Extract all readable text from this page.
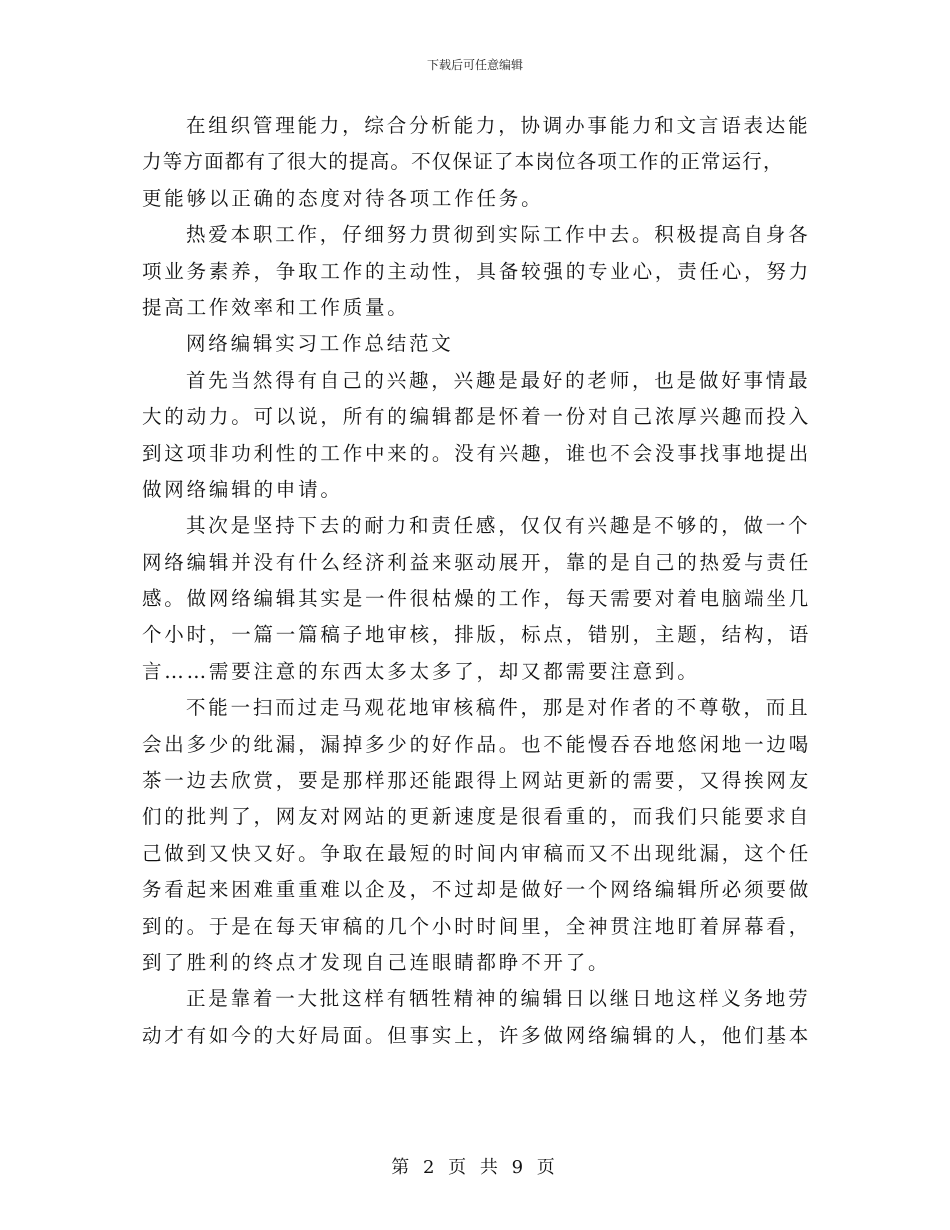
下载后可任意编辑
在组织管理能力，综合分析能力，协调办事能力和文言语表达能
力等方面都有了很大的提高。不仅保证了本岗位各项工作的正常运行，
更能够以正确的态度对待各项工作任务。
热爱本职工作，仔细努力贯彻到实际工作中去。积极提高自身各
项业务素养，争取工作的主动性，具备较强的专业心，责任心，努力
提高工作效率和工作质量。
网络编辑实习工作总结范文
首先当然得有自己的兴趣，兴趣是最好的老师，也是做好事情最
大的动力。可以说，所有的编辑都是怀着一份对自己浓厚兴趣而投入
到这项非功利性的工作中来的。没有兴趣，谁也不会没事找事地提出
做网络编辑的申请。
其次是坚持下去的耐力和责任感，仅仅有兴趣是不够的，做一个
网络编辑并没有什么经济利益来驱动展开，靠的是自己的热爱与责任
感。做网络编辑其实是一件很枯燥的工作，每天需要对着电脑端坐几
个小时，一篇一篇稿子地审核，排版，标点，错别，主题，结构，语
言……需要注意的东西太多太多了，却又都需要注意到。
不能一扫而过走马观花地审核稿件，那是对作者的不尊敬，而且
会出多少的纰漏，漏掉多少的好作品。也不能慢吞吞地悠闲地一边喝
茶一边去欣赏，要是那样那还能跟得上网站更新的需要，又得挨网友
们的批判了，网友对网站的更新速度是很看重的，而我们只能要求自
己做到又快又好。争取在最短的时间内审稿而又不出现纰漏，这个任
务看起来困难重重难以企及，不过却是做好一个网络编辑所必须要做
到的。于是在每天审稿的几个小时时间里，全神贯注地盯着屏幕看，
到了胜利的终点才发现自己连眼睛都睁不开了。
正是靠着一大批这样有牺牲精神的编辑日以继日地这样义务地劳
动才有如今的大好局面。但事实上，许多做网络编辑的人，他们基本
第 2 页 共 9 页
